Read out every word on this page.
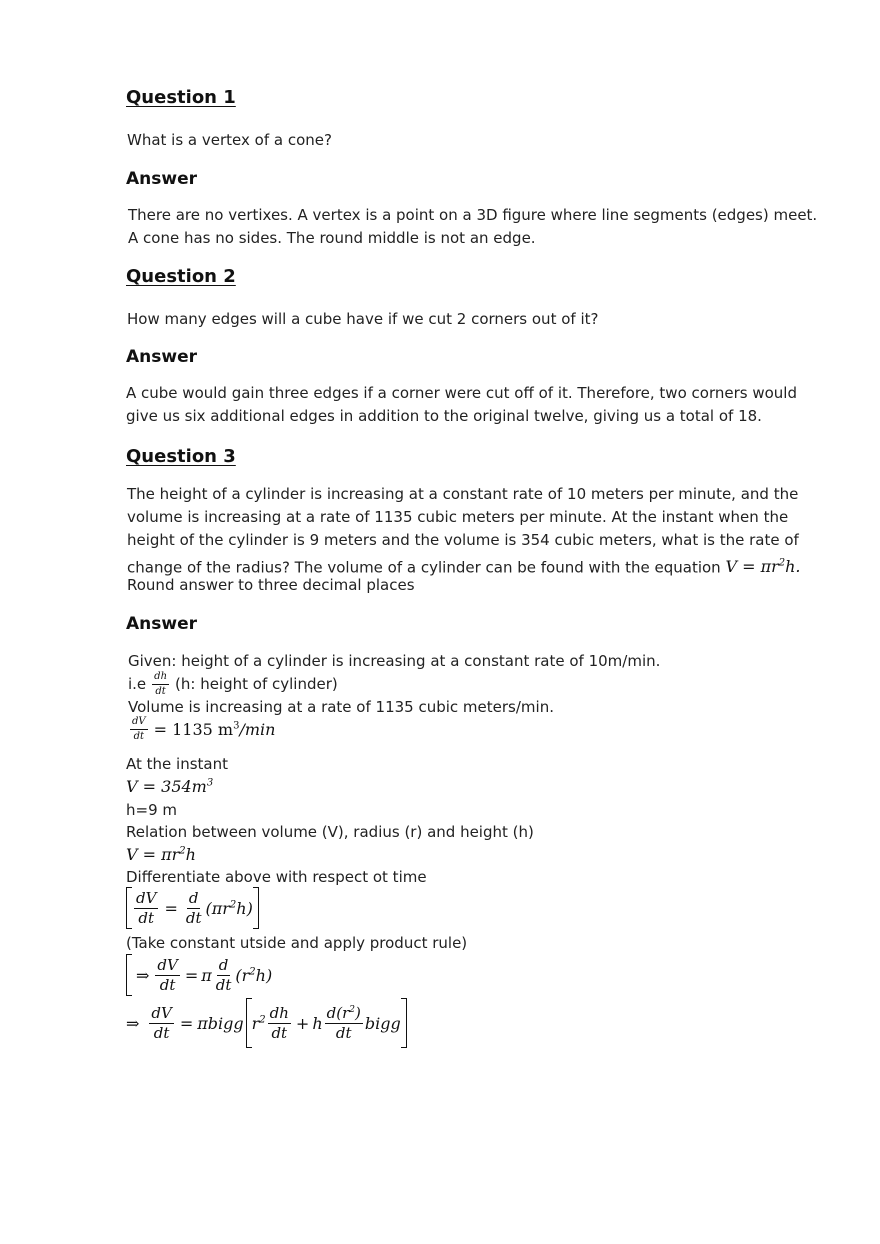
Question 1
What is a vertex of a cone?
Answer
There are no vertixes. A vertex is a point on a 3D figure where line segments (edges) meet.
A cone has no sides. The round middle is not an edge.
Question 2
How many edges will a cube have if we cut 2 corners out of it?
Answer
A cube would gain three edges if a corner were cut off of it. Therefore, two corners would
give us six additional edges in addition to the original twelve, giving us a total of 18.
Question 3
The height of a cylinder is increasing at a constant rate of 10 meters per minute, and the
volume is increasing at a rate of 1135 cubic meters per minute. At the instant when the
height of the cylinder is 9 meters and the volume is 354 cubic meters, what is the rate of
change of the radius? The volume of a cylinder can be found with the equation $V = \pi r^2h$.
Round answer to three decimal places
Answer
Given: height of a cylinder is increasing at a constant rate of 10m/min.
$i.e \frac{dh}{dt} (h$: height of cylinder)
Volume is increasing at a rate of 1135 cubic meters/min.
$\frac{dV}{dt} = 1135$ $m^3/\min$
At the instant
$V = 354m^3$
h=9 m
Relation between volume (V), radius (r) and height (h)
$V = \pi r^2h$
Differentiate above with respect ot time
$\frac{dV}{dt} = \frac{d}{dt} (\pi r^2h)$
(Take constant utside and apply product rule)
⇒ $\frac{dV}{dt} = \pi \frac{d}{dt} (r^2h)$
⇒ $\frac{dV}{dt} = \pi$ bigg $r^2 \frac{dh}{dt} + h \frac{d(r^2)}{dt}$ bigg
